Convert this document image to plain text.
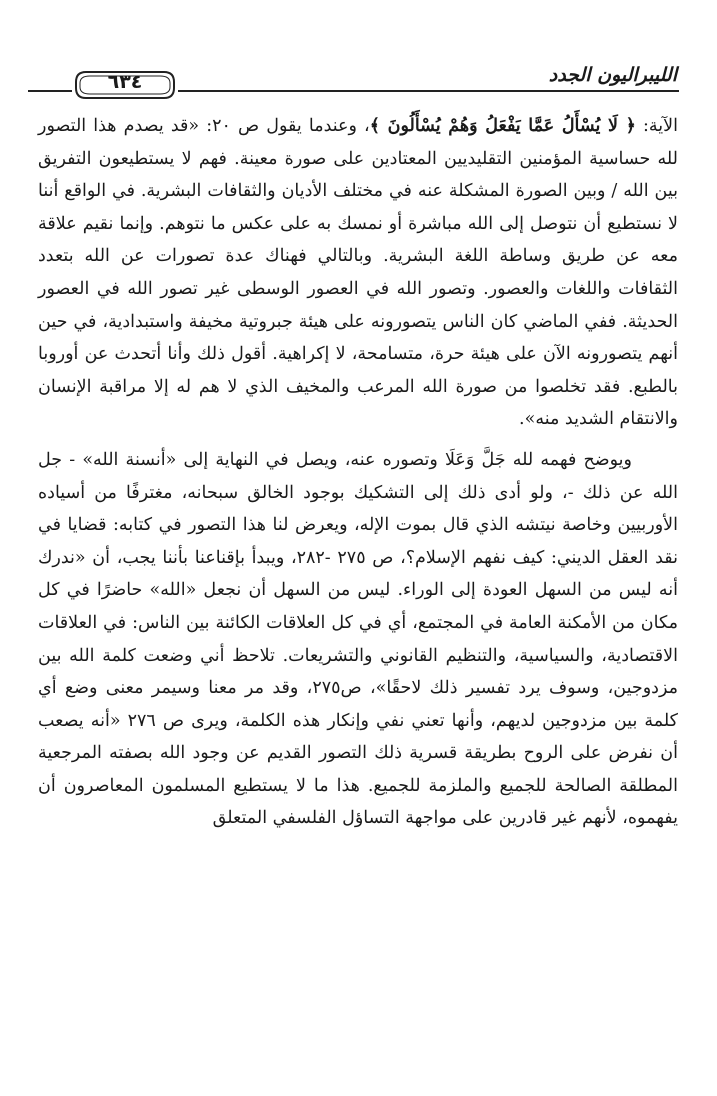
٦٣٤	الليبراليون الجدد

الآية: ﴿ لَا يُسْأَلُ عَمَّا يَفْعَلُ وَهُمْ يُسْأَلُونَ ﴾، وعندما يقول ص ٢٠: «قد يصدم هذا التصور لله حساسية المؤمنين التقليديين المعتادين على صورة معينة. فهم لا يستطيعون التفريق بين الله / وبين الصورة المشكلة عنه في مختلف الأديان والثقافات البشرية. في الواقع أننا لا نستطيع أن نتوصل إلى الله مباشرة أو نمسك به على عكس ما نتوهم. وإنما نقيم علاقة معه عن طريق وساطة اللغة البشرية. وبالتالي فهناك عدة تصورات عن الله بتعدد الثقافات واللغات والعصور. وتصور الله في العصور الوسطى غير تصور الله في العصور الحديثة. ففي الماضي كان الناس يتصورونه على هيئة جبروتية مخيفة واستبدادية، في حين أنهم يتصورونه الآن على هيئة حرة، متسامحة، لا إكراهية. أقول ذلك وأنا أتحدث عن أوروبا بالطبع. فقد تخلصوا من صورة الله المرعب والمخيف الذي لا هم له إلا مراقبة الإنسان والانتقام الشديد منه».

ويوضح فهمه لله جَلَّ وَعَلَا وتصوره عنه، ويصل في النهاية إلى «أنسنة الله» - جل الله عن ذلك -، ولو أدى ذلك إلى التشكيك بوجود الخالق سبحانه، مغترفًا من أسياده الأوربيين وخاصة نيتشه الذي قال بموت الإله، ويعرض لنا هذا التصور في كتابه: قضايا في نقد العقل الديني: كيف نفهم الإسلام؟، ص ٢٧٥ -٢٨٢، ويبدأ بإقناعنا بأننا يجب، أن «ندرك أنه ليس من السهل العودة إلى الوراء. ليس من السهل أن نجعل «الله» حاضرًا في كل مكان من الأمكنة العامة في المجتمع، أي في كل العلاقات الكائنة بين الناس: في العلاقات الاقتصادية، والسياسية، والتنظيم القانوني والتشريعات. تلاحظ أني وضعت كلمة الله بين مزدوجين، وسوف يرد تفسير ذلك لاحقًا»، ص٢٧٥، وقد مر معنا وسيمر معنى وضع أي كلمة بين مزدوجين لديهم، وأنها تعني نفي وإنكار هذه الكلمة، ويرى ص ٢٧٦ «أنه يصعب أن نفرض على الروح بطريقة قسرية ذلك التصور القديم عن وجود الله بصفته المرجعية المطلقة الصالحة للجميع والملزمة للجميع. هذا ما لا يستطيع المسلمون المعاصرون أن يفهموه، لأنهم غير قادرين على مواجهة التساؤل الفلسفي المتعلق
